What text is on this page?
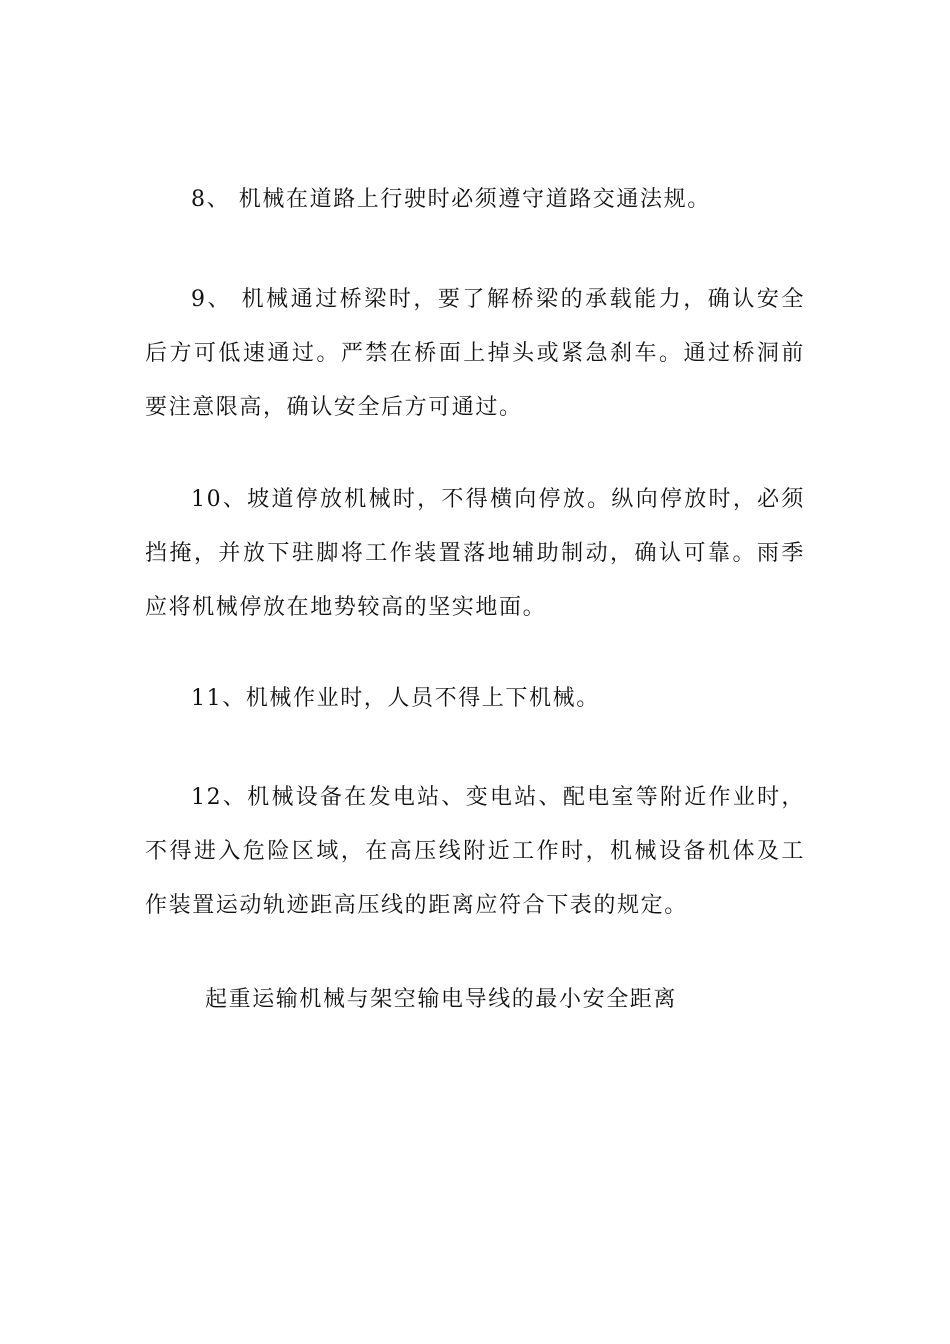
8、 机械在道路上行驶时必须遵守道路交通法规。

9、 机械通过桥梁时，要了解桥梁的承载能力，确认安全后方可低速通过。严禁在桥面上掉头或紧急刹车。通过桥洞前要注意限高，确认安全后方可通过。

10、坡道停放机械时，不得横向停放。纵向停放时，必须挡掩，并放下驻脚将工作装置落地辅助制动，确认可靠。雨季应将机械停放在地势较高的坚实地面。

11、机械作业时，人员不得上下机械。

12、机械设备在发电站、变电站、配电室等附近作业时，不得进入危险区域，在高压线附近工作时，机械设备机体及工作装置运动轨迹距高压线的距离应符合下表的规定。

起重运输机械与架空输电导线的最小安全距离
